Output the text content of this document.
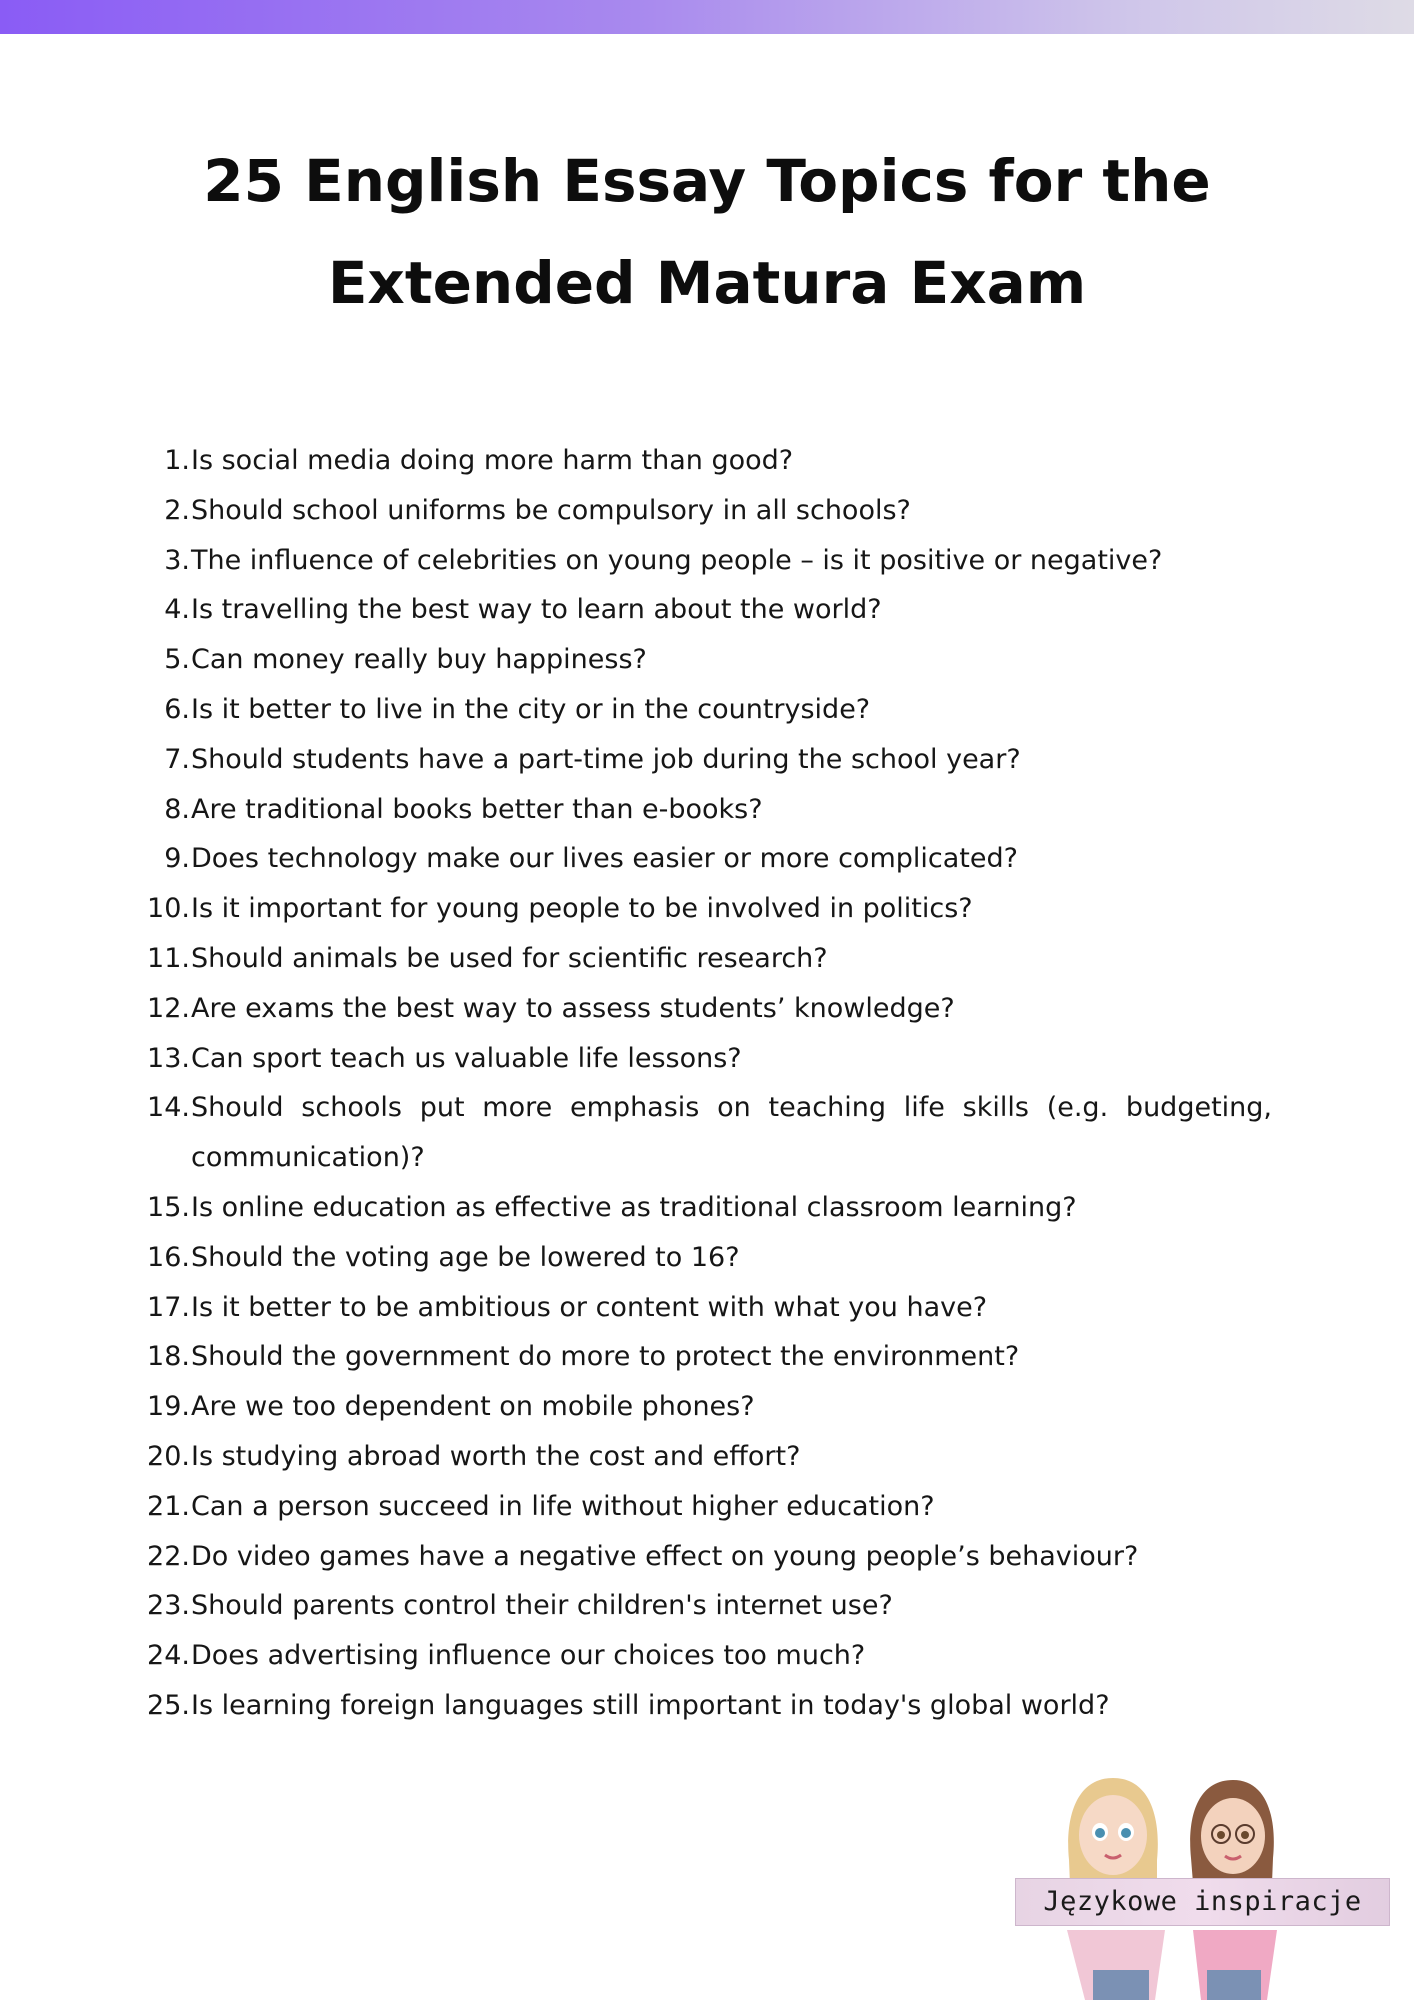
25 English Essay Topics for the
Extended Matura Exam
1. Is social media doing more harm than good?
2. Should school uniforms be compulsory in all schools?
3. The influence of celebrities on young people – is it positive or negative?
4. Is travelling the best way to learn about the world?
5. Can money really buy happiness?
6. Is it better to live in the city or in the countryside?
7. Should students have a part-time job during the school year?
8. Are traditional books better than e-books?
9. Does technology make our lives easier or more complicated?
10. Is it important for young people to be involved in politics?
11. Should animals be used for scientific research?
12. Are exams the best way to assess students’ knowledge?
13. Can sport teach us valuable life lessons?
14. Should schools put more emphasis on teaching life skills (e.g. budgeting, communication)?
15. Is online education as effective as traditional classroom learning?
16. Should the voting age be lowered to 16?
17. Is it better to be ambitious or content with what you have?
18. Should the government do more to protect the environment?
19. Are we too dependent on mobile phones?
20. Is studying abroad worth the cost and effort?
21. Can a person succeed in life without higher education?
22. Do video games have a negative effect on young people’s behaviour?
23. Should parents control their children's internet use?
24. Does advertising influence our choices too much?
25. Is learning foreign languages still important in today's global world?
Językowe inspiracje
